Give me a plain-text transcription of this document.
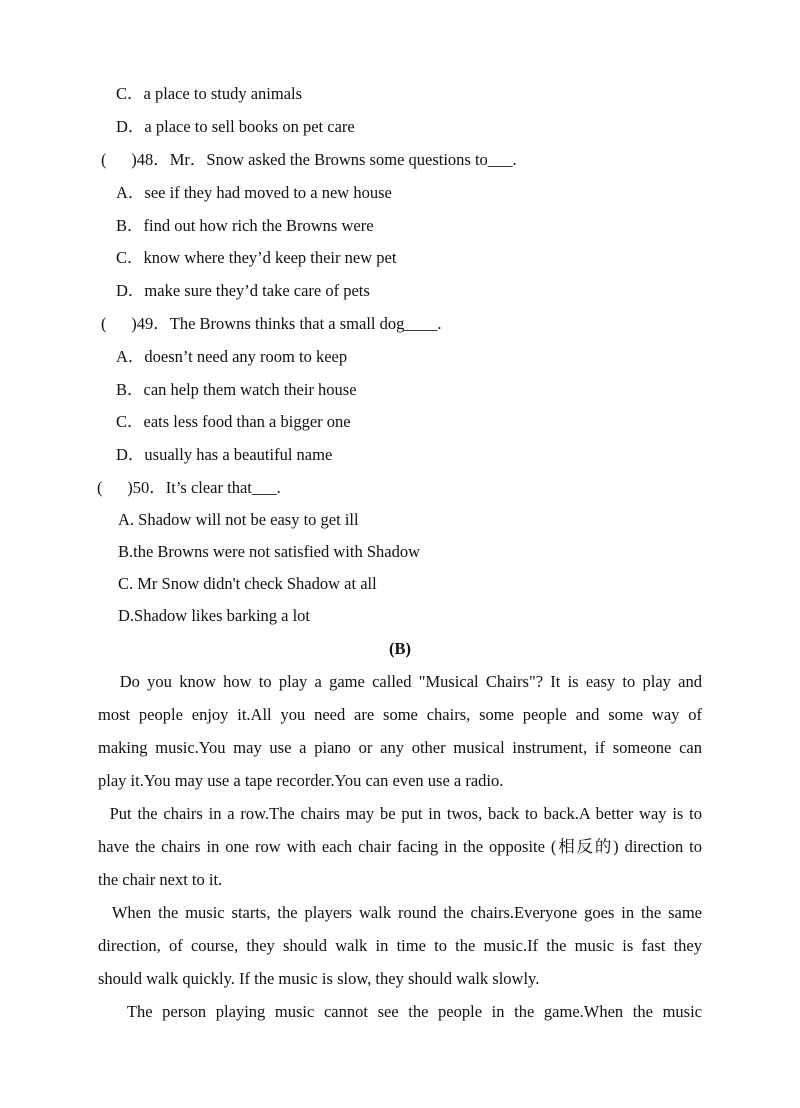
C．a place to study animals
D．a place to sell books on pet care
(      )48．Mr．Snow asked the Browns some questions to___.
A．see if they had moved to a new house
B．find out how rich the Browns were
C．know where they’d keep their new pet
D．make sure they’d take care of pets
(      )49．The Browns thinks that a small dog____.
A．doesn’t need any room to keep
B．can help them watch their house
C．eats less food than a bigger one
D．usually has a beautiful name
(      )50．It’s clear that___.
A. Shadow will not be easy to get ill
B.the Browns were not satisfied with Shadow
C. Mr Snow didn't check Shadow at all
D.Shadow likes barking a lot
(B)
Do you know how to play a game called "Musical Chairs"? It is easy to play and
most people enjoy it.All you need are some chairs, some people and some way of
making music.You may use a piano or any other musical instrument, if someone can
play it.You may use a tape recorder.You can even use a radio.
Put the chairs in a row.The chairs may be put in twos, back to back.A better way is to
have the chairs in one row with each chair facing in the opposite (相反的) direction to
the chair next to it.
When the music starts, the players walk round the chairs.Everyone goes in the same
direction, of course, they should walk in time to the music.If the music is fast they
should walk quickly. If the music is slow, they should walk slowly.
The person playing music cannot see the people in the game.When the music
